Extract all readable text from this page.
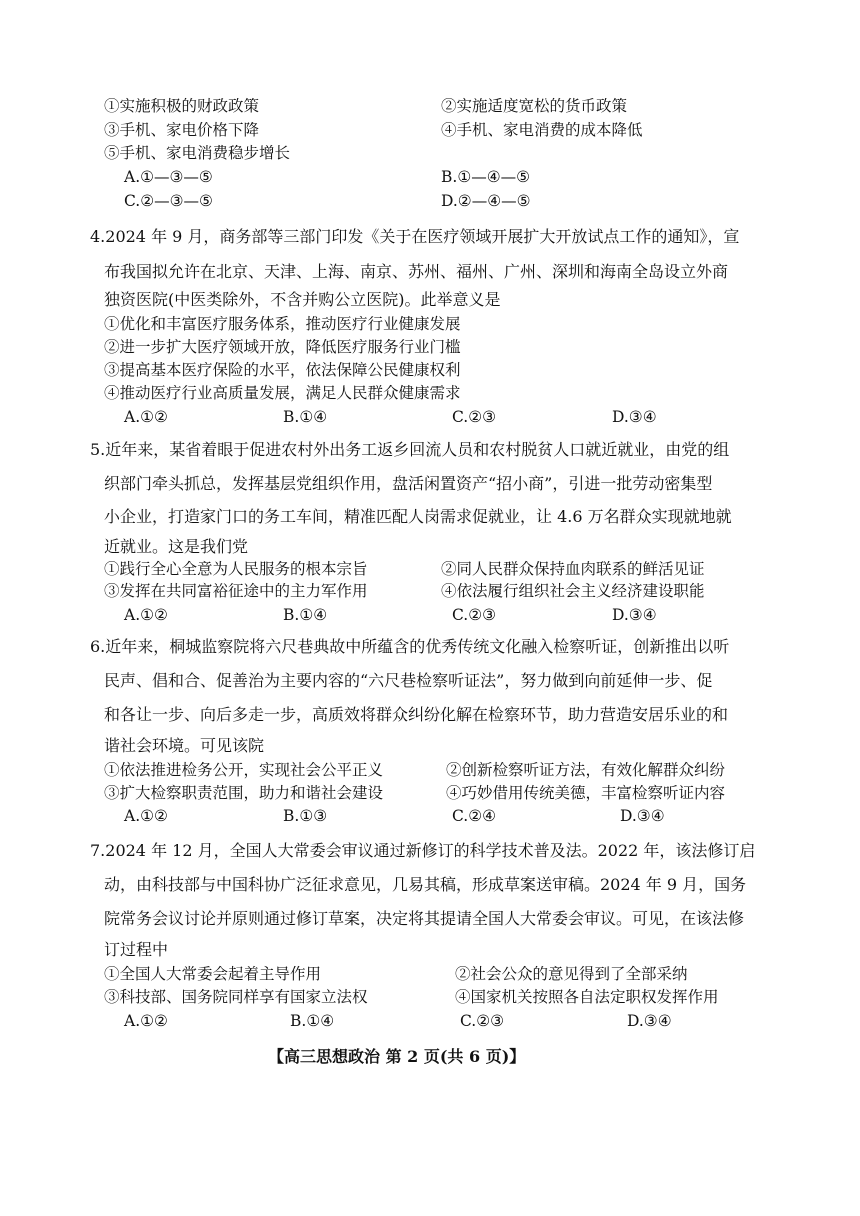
①实施积极的财政政策	②实施适度宽松的货币政策
③手机、家电价格下降	④手机、家电消费的成本降低
⑤手机、家电消费稳步增长
A.①—③—⑤	B.①—④—⑤
C.②—③—⑤	D.②—④—⑤
4.2024 年 9 月，商务部等三部门印发《关于在医疗领域开展扩大开放试点工作的通知》，宣
布我国拟允许在北京、天津、上海、南京、苏州、福州、广州、深圳和海南全岛设立外商
独资医院(中医类除外，不含并购公立医院)。此举意义是
①优化和丰富医疗服务体系，推动医疗行业健康发展
②进一步扩大医疗领域开放，降低医疗服务行业门槛
③提高基本医疗保险的水平，依法保障公民健康权利
④推动医疗行业高质量发展，满足人民群众健康需求
A.①②	B.①④	C.②③	D.③④
5.近年来，某省着眼于促进农村外出务工返乡回流人员和农村脱贫人口就近就业，由党的组
织部门牵头抓总，发挥基层党组织作用，盘活闲置资产“招小商”，引进一批劳动密集型
小企业，打造家门口的务工车间，精准匹配人岗需求促就业，让 4.6 万名群众实现就地就
近就业。这是我们党
①践行全心全意为人民服务的根本宗旨	②同人民群众保持血肉联系的鲜活见证
③发挥在共同富裕征途中的主力军作用	④依法履行组织社会主义经济建设职能
A.①②	B.①④	C.②③	D.③④
6.近年来，桐城监察院将六尺巷典故中所蕴含的优秀传统文化融入检察听证，创新推出以听
民声、倡和合、促善治为主要内容的“六尺巷检察听证法”，努力做到向前延伸一步、促
和各让一步、向后多走一步，高质效将群众纠纷化解在检察环节，助力营造安居乐业的和
谐社会环境。可见该院
①依法推进检务公开，实现社会公平正义	②创新检察听证方法，有效化解群众纠纷
③扩大检察职责范围，助力和谐社会建设	④巧妙借用传统美德，丰富检察听证内容
A.①②	B.①③	C.②④	D.③④
7.2024 年 12 月，全国人大常委会审议通过新修订的科学技术普及法。2022 年，该法修订启
动，由科技部与中国科协广泛征求意见，几易其稿，形成草案送审稿。2024 年 9 月，国务
院常务会议讨论并原则通过修订草案，决定将其提请全国人大常委会审议。可见，在该法修
订过程中
①全国人大常委会起着主导作用	②社会公众的意见得到了全部采纳
③科技部、国务院同样享有国家立法权	④国家机关按照各自法定职权发挥作用
A.①②	B.①④	C.②③	D.③④
【高三思想政治 第 2 页(共 6 页)】
